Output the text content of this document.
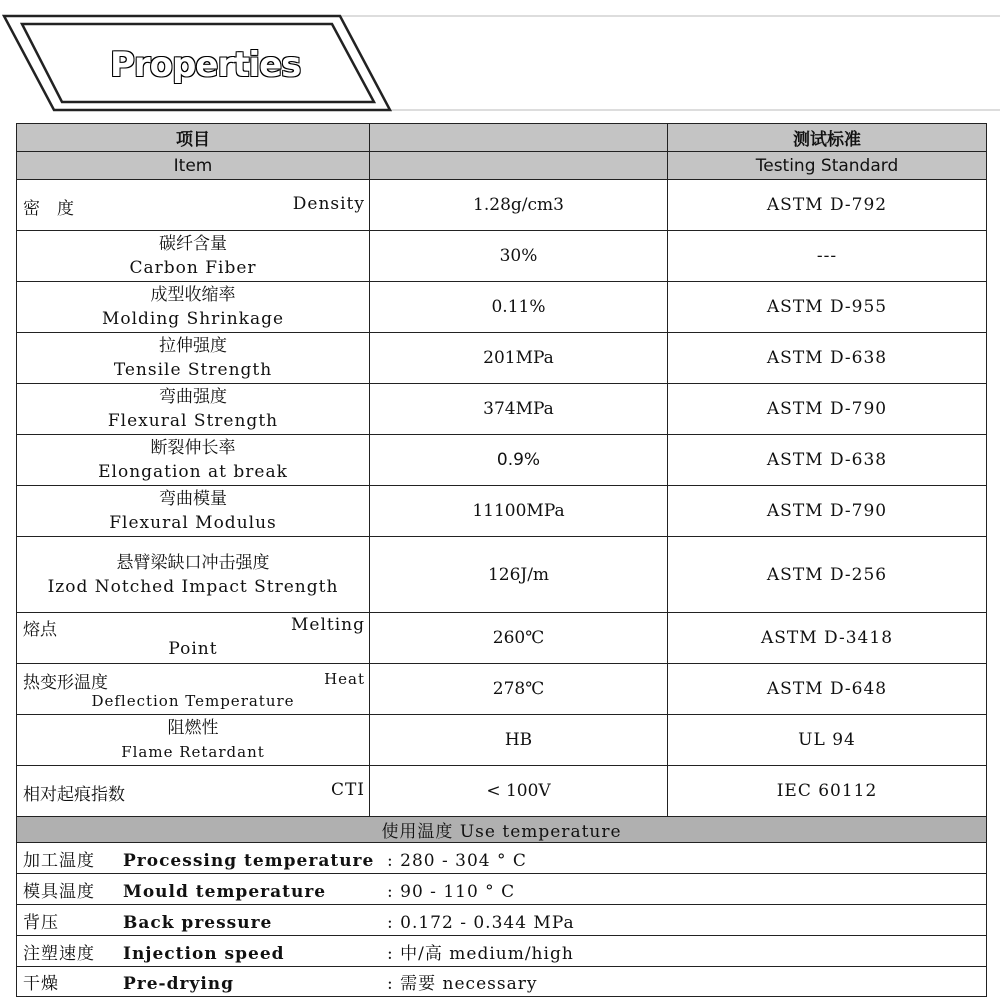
Properties
项目		测试标准
Item		Testing Standard

密　度 Density	1.28g/cm3	ASTM D-792

碳纤含量
Carbon Fiber	30%	---

成型收缩率
Molding Shrinkage	0.11%	ASTM D-955

拉伸强度
Tensile Strength	201MPa	ASTM D-638

弯曲强度
Flexural Strength	374MPa	ASTM D-790

断裂伸长率
Elongation at break	0.9%	ASTM D-638

弯曲模量
Flexural Modulus	11100MPa	ASTM D-790

悬臂梁缺口冲击强度
Izod Notched Impact Strength	126J/m	ASTM D-256

熔点 Melting
Point	260℃	ASTM D-3418

热变形温度 Heat
Deflection Temperature	278℃	ASTM D-648

阻燃性
Flame Retardant	HB	UL 94

相对起痕指数 CTI	< 100V	IEC 60112
使用温度 Use temperature		
加工温度 Processing temperature : 280 - 304 ° C		
模具温度 Mould temperature : 90 - 110 ° C		
背压 Back pressure : 0.172 - 0.344 MPa		
注塑速度 Injection speed : 中/高 medium/high		
干燥 Pre-drying : 需要 necessary		
